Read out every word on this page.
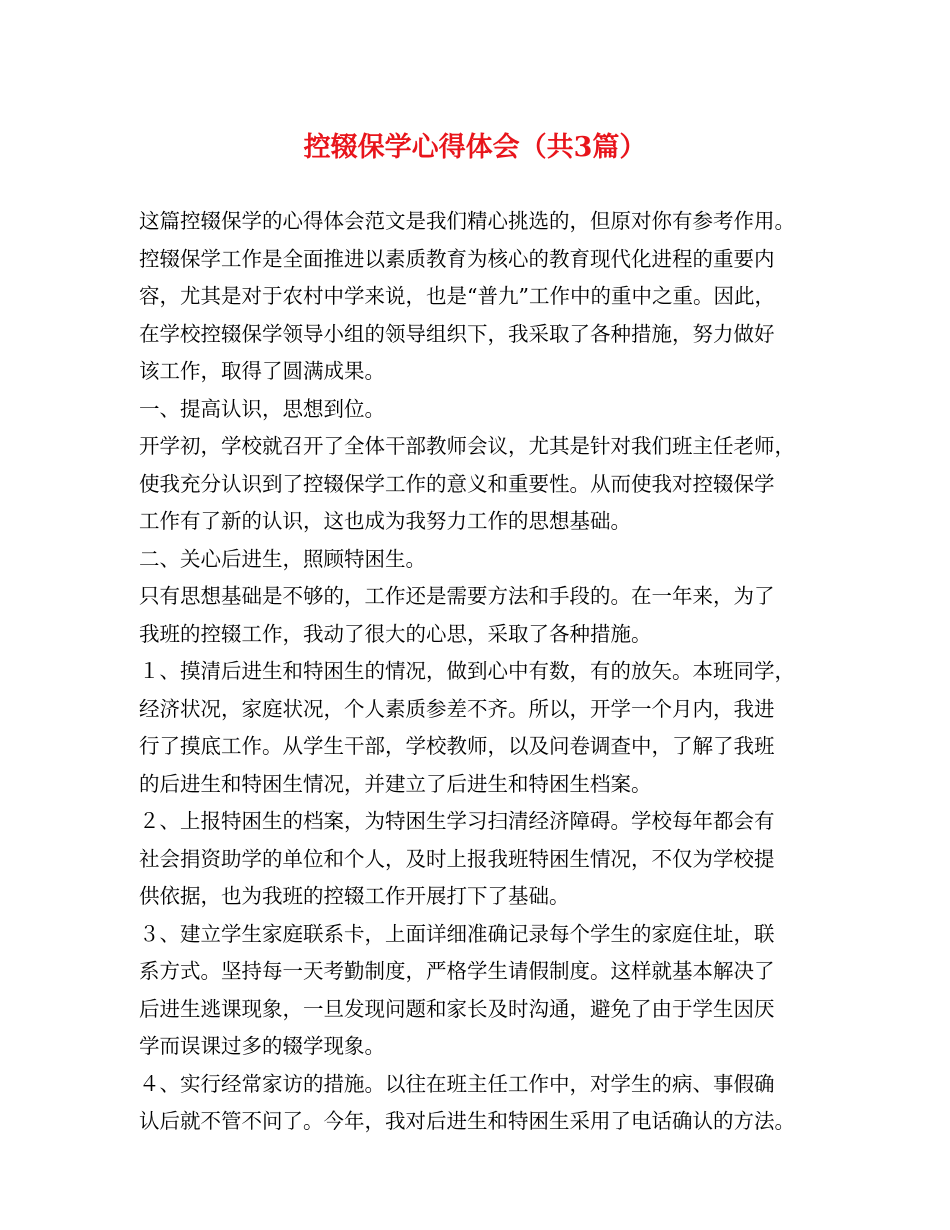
控辍保学心得体会（共3篇）
这篇控辍保学的心得体会范文是我们精心挑选的，但原对你有参考作用。
控辍保学工作是全面推进以素质教育为核心的教育现代化进程的重要内
容，尤其是对于农村中学来说，也是“普九”工作中的重中之重。因此，
在学校控辍保学领导小组的领导组织下，我采取了各种措施，努力做好
该工作，取得了圆满成果。
一、提高认识，思想到位。
开学初，学校就召开了全体干部教师会议，尤其是针对我们班主任老师，
使我充分认识到了控辍保学工作的意义和重要性。从而使我对控辍保学
工作有了新的认识，这也成为我努力工作的思想基础。
二、关心后进生，照顾特困生。
只有思想基础是不够的，工作还是需要方法和手段的。在一年来，为了
我班的控辍工作，我动了很大的心思，采取了各种措施。
１、摸清后进生和特困生的情况，做到心中有数，有的放矢。本班同学，
经济状况，家庭状况，个人素质参差不齐。所以，开学一个月内，我进
行了摸底工作。从学生干部，学校教师，以及问卷调查中，了解了我班
的后进生和特困生情况，并建立了后进生和特困生档案。
２、上报特困生的档案，为特困生学习扫清经济障碍。学校每年都会有
社会捐资助学的单位和个人，及时上报我班特困生情况，不仅为学校提
供依据，也为我班的控辍工作开展打下了基础。
３、建立学生家庭联系卡，上面详细准确记录每个学生的家庭住址，联
系方式。坚持每一天考勤制度，严格学生请假制度。这样就基本解决了
后进生逃课现象，一旦发现问题和家长及时沟通，避免了由于学生因厌
学而误课过多的辍学现象。
４、实行经常家访的措施。以往在班主任工作中，对学生的病、事假确
认后就不管不问了。今年，我对后进生和特困生采用了电话确认的方法。
